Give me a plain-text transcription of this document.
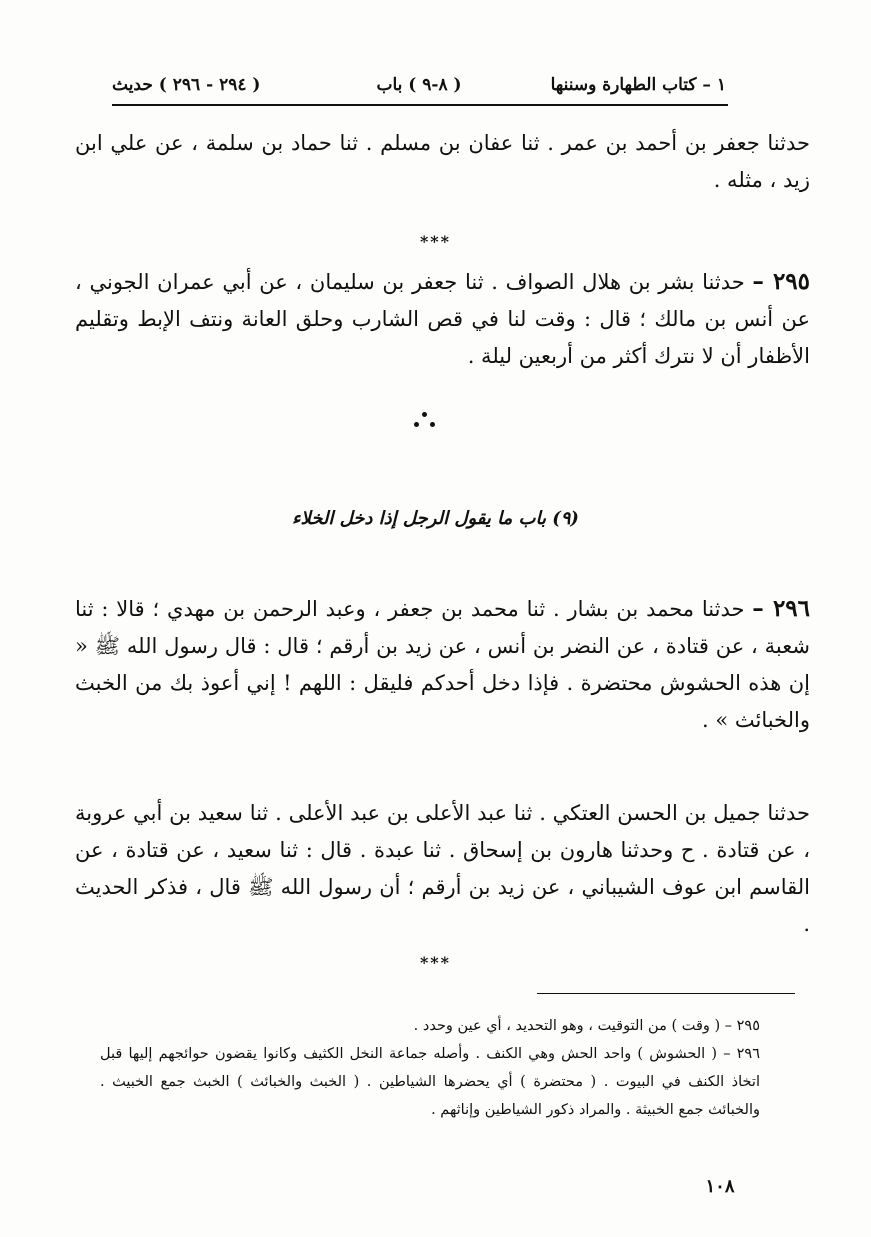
١ – كتاب الطهارة وسننها
( ٨-٩ ) باب
( ٢٩٤ - ٢٩٦ ) حديث
حدثنا جعفر بن أحمد بن عمر . ثنا عفان بن مسلم . ثنا حماد بن سلمة ، عن علي ابن زيد ، مثله .
***
٢٩٥ – حدثنا بشر بن هلال الصواف . ثنا جعفر بن سليمان ، عن أبي عمران الجوني ، عن أنس بن مالك ؛ قال : وقت لنا في قص الشارب وحلق العانة ونتف الإبط وتقليم الأظفار أن لا نترك أكثر من أربعين ليلة .
(٩) باب ما يقول الرجل إذا دخل الخلاء
٢٩٦ – حدثنا محمد بن بشار . ثنا محمد بن جعفر ، وعبد الرحمن بن مهدي ؛ قالا : ثنا شعبة ، عن قتادة ، عن النضر بن أنس ، عن زيد بن أرقم ؛ قال : قال رسول الله ﷺ « إن هذه الحشوش محتضرة . فإذا دخل أحدكم فليقل : اللهم ! إني أعوذ بك من الخبث والخبائث » .
حدثنا جميل بن الحسن العتكي . ثنا عبد الأعلى بن عبد الأعلى . ثنا سعيد بن أبي عروبة ، عن قتادة . ح وحدثنا هارون بن إسحاق . ثنا عبدة . قال : ثنا سعيد ، عن قتادة ، عن القاسم ابن عوف الشيباني ، عن زيد بن أرقم ؛ أن رسول الله ﷺ قال ، فذكر الحديث .
***
٢٩٥ – ( وقت ) من التوقيت ، وهو التحديد ، أي عين وحدد .
٢٩٦ – ( الحشوش ) واحد الحش وهي الكنف . وأصله جماعة النخل الكثيف وكانوا يقضون حوائجهم إليها قبل اتخاذ الكنف في البيوت . ( محتضرة ) أي يحضرها الشياطين . ( الخبث والخبائث ) الخبث جمع الخبيث . والخبائث جمع الخبيثة . والمراد ذكور الشياطين وإناثهم .
١٠٨
